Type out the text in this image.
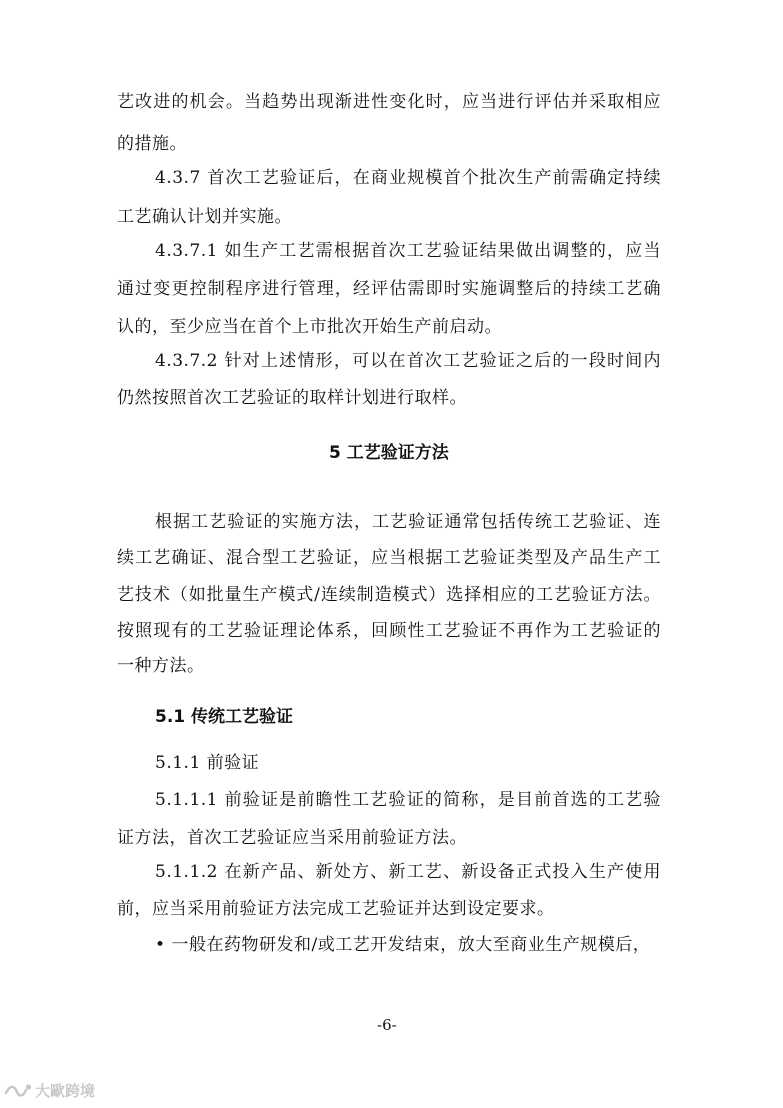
艺改进的机会。当趋势出现渐进性变化时，应当进行评估并采取相应
的措施。
4.3.7 首次工艺验证后，在商业规模首个批次生产前需确定持续
工艺确认计划并实施。
4.3.7.1 如生产工艺需根据首次工艺验证结果做出调整的，应当
通过变更控制程序进行管理，经评估需即时实施调整后的持续工艺确
认的，至少应当在首个上市批次开始生产前启动。
4.3.7.2 针对上述情形，可以在首次工艺验证之后的一段时间内
仍然按照首次工艺验证的取样计划进行取样。
5 工艺验证方法
根据工艺验证的实施方法，工艺验证通常包括传统工艺验证、连
续工艺确证、混合型工艺验证，应当根据工艺验证类型及产品生产工
艺技术（如批量生产模式/连续制造模式）选择相应的工艺验证方法。
按照现有的工艺验证理论体系，回顾性工艺验证不再作为工艺验证的
一种方法。
5.1 传统工艺验证
5.1.1 前验证
5.1.1.1 前验证是前瞻性工艺验证的简称，是目前首选的工艺验
证方法，首次工艺验证应当采用前验证方法。
5.1.1.2 在新产品、新处方、新工艺、新设备正式投入生产使用
前，应当采用前验证方法完成工艺验证并达到设定要求。
• 一般在药物研发和/或工艺开发结束，放大至商业生产规模后，
-6-
大歐跨境
